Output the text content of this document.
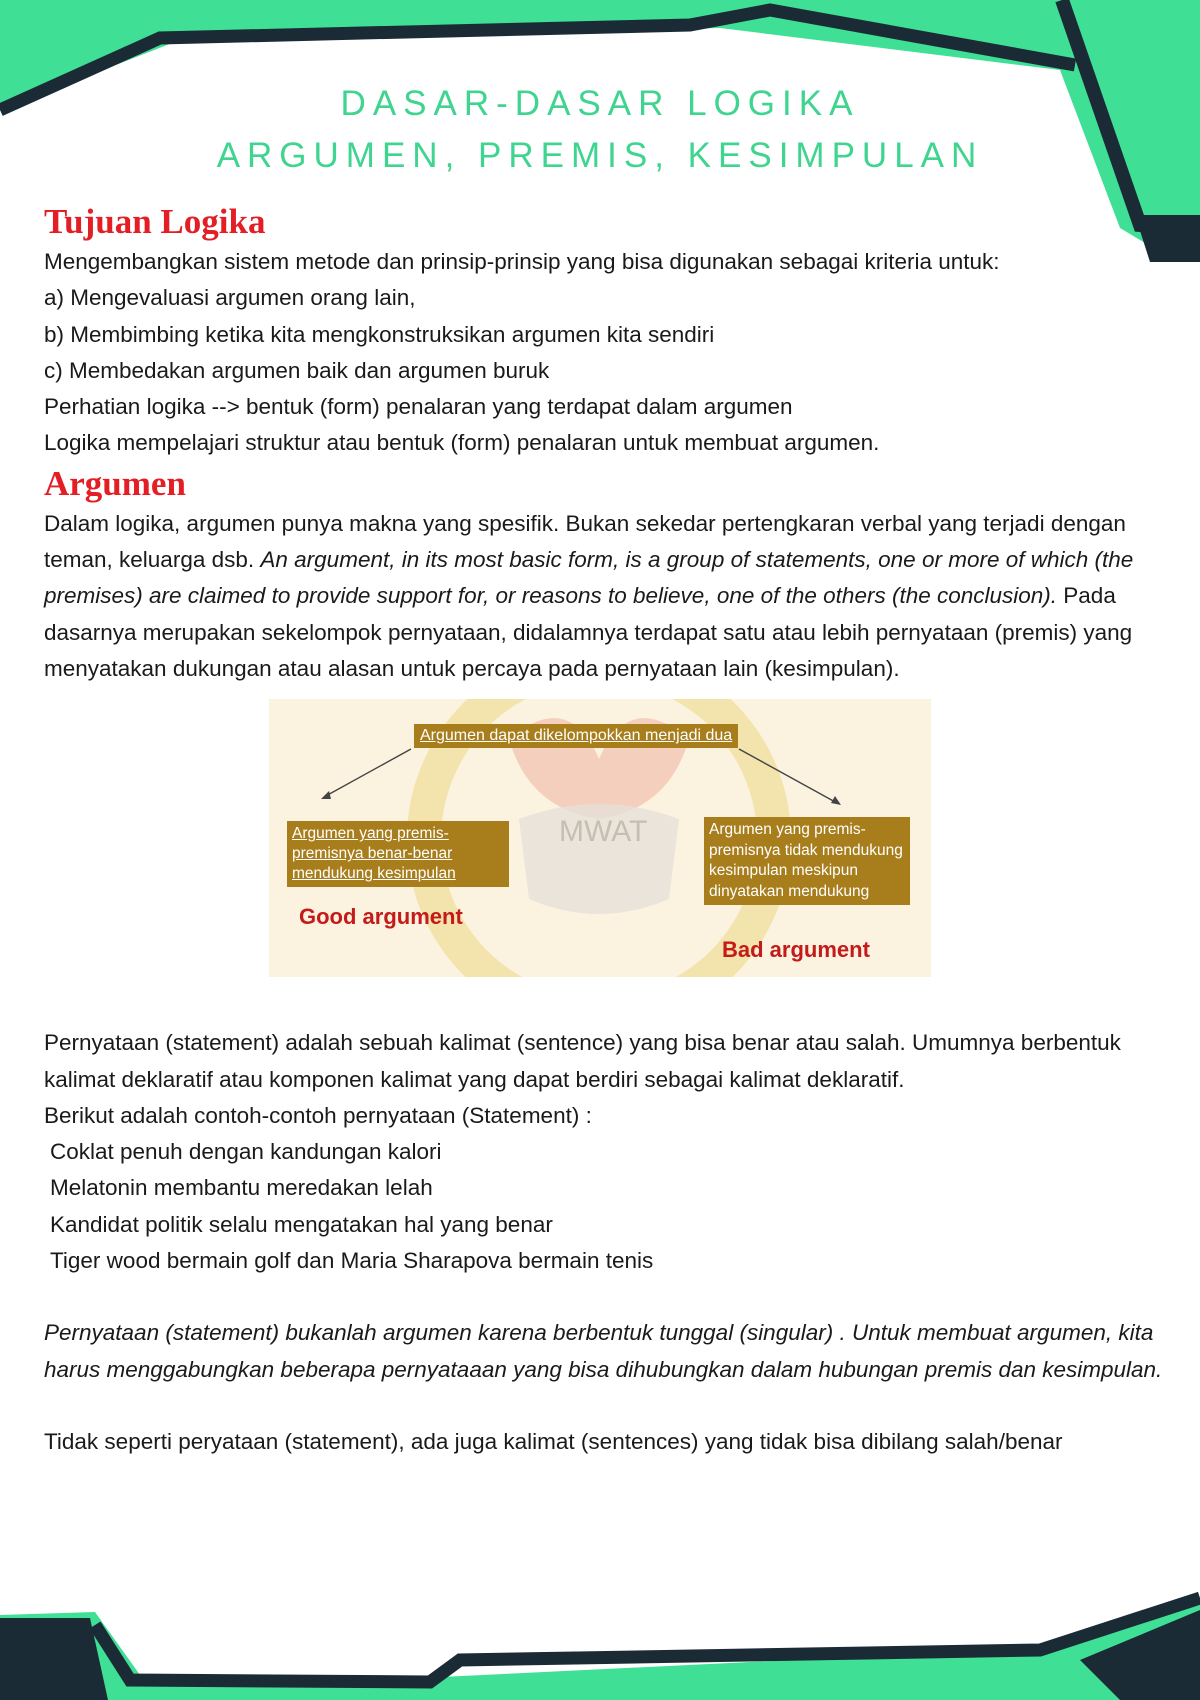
DASAR-DASAR LOGIKA
ARGUMEN, PREMIS, KESIMPULAN
Tujuan Logika

Mengembangkan sistem metode dan prinsip-prinsip yang bisa digunakan sebagai kriteria untuk:

a) Mengevaluasi argumen orang lain,

b) Membimbing ketika kita mengkonstruksikan argumen kita sendiri

c) Membedakan argumen baik dan argumen buruk

Perhatian logika --> bentuk (form) penalaran yang terdapat dalam argumen

Logika mempelajari struktur atau bentuk (form) penalaran untuk membuat argumen.

Argumen

Dalam logika, argumen punya makna yang spesifik. Bukan sekedar pertengkaran verbal yang terjadi dengan teman, keluarga dsb. An argument, in its most basic form, is a group of statements, one or more of which (the premises) are claimed to provide support for, or reasons to believe, one of the others (the conclusion). Pada dasarnya merupakan sekelompok pernyataan, didalamnya terdapat satu atau lebih pernyataan (premis) yang menyatakan dukungan atau alasan untuk percaya pada pernyataan lain (kesimpulan).

MWAT
Argumen dapat dikelompokkan menjadi dua
Argumen yang premis-premisnya benar-benar mendukung kesimpulan
Good argument
Argumen yang premis-premisnya tidak mendukung kesimpulan meskipun dinyatakan mendukung
Bad argument

Pernyataan (statement) adalah sebuah kalimat (sentence) yang bisa benar atau salah. Umumnya berbentuk kalimat deklaratif atau komponen kalimat yang dapat berdiri sebagai kalimat deklaratif.

Berikut adalah contoh-contoh pernyataan (Statement) :

Coklat penuh dengan kandungan kalori

Melatonin membantu meredakan lelah

Kandidat politik selalu mengatakan hal yang benar

Tiger wood bermain golf dan Maria Sharapova bermain tenis

Pernyataan (statement) bukanlah argumen karena berbentuk tunggal (singular) . Untuk membuat argumen, kita harus menggabungkan beberapa pernyataaan yang bisa dihubungkan dalam hubungan premis dan kesimpulan.

Tidak seperti peryataan (statement), ada juga kalimat (sentences) yang tidak bisa dibilang salah/benar
